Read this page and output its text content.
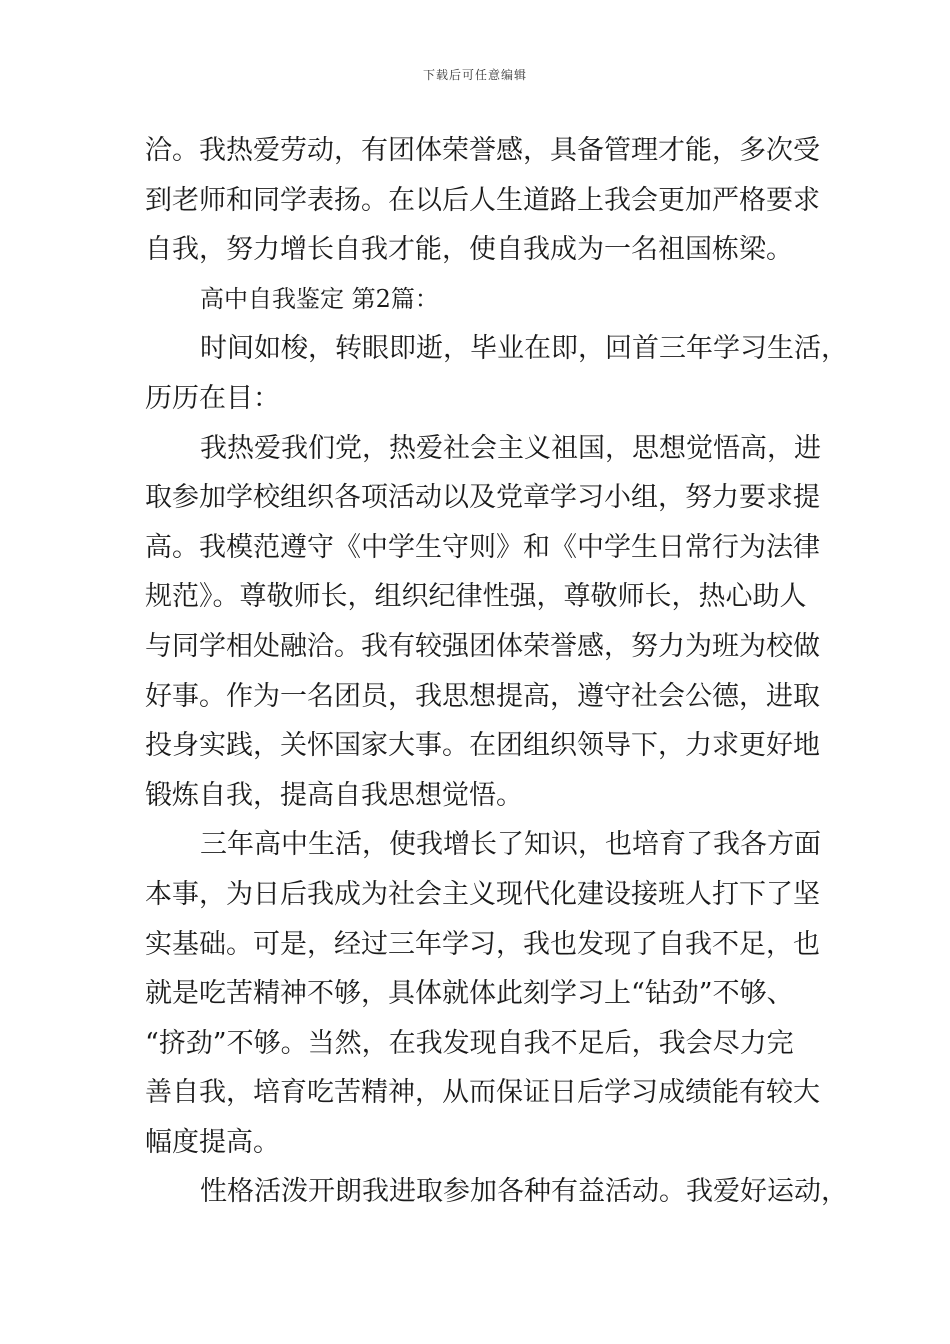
下载后可任意编辑
洽。我热爱劳动，有团体荣誉感，具备管理才能，多次受
到老师和同学表扬。在以后人生道路上我会更加严格要求
自我，努力增长自我才能，使自我成为一名祖国栋梁。
高中自我鉴定 第2篇：
时间如梭，转眼即逝，毕业在即，回首三年学习生活，
历历在目：
我热爱我们党，热爱社会主义祖国，思想觉悟高，进
取参加学校组织各项活动以及党章学习小组，努力要求提
高。我模范遵守《中学生守则》和《中学生日常行为法律
规范》。尊敬师长，组织纪律性强，尊敬师长，热心助人
与同学相处融洽。我有较强团体荣誉感，努力为班为校做
好事。作为一名团员，我思想提高，遵守社会公德，进取
投身实践，关怀国家大事。在团组织领导下，力求更好地
锻炼自我，提高自我思想觉悟。
三年高中生活，使我增长了知识，也培育了我各方面
本事，为日后我成为社会主义现代化建设接班人打下了坚
实基础。可是，经过三年学习，我也发现了自我不足，也
就是吃苦精神不够，具体就体此刻学习上“钻劲”不够、
“挤劲”不够。当然，在我发现自我不足后，我会尽力完
善自我，培育吃苦精神，从而保证日后学习成绩能有较大
幅度提高。
性格活泼开朗我进取参加各种有益活动。我爱好运动，
